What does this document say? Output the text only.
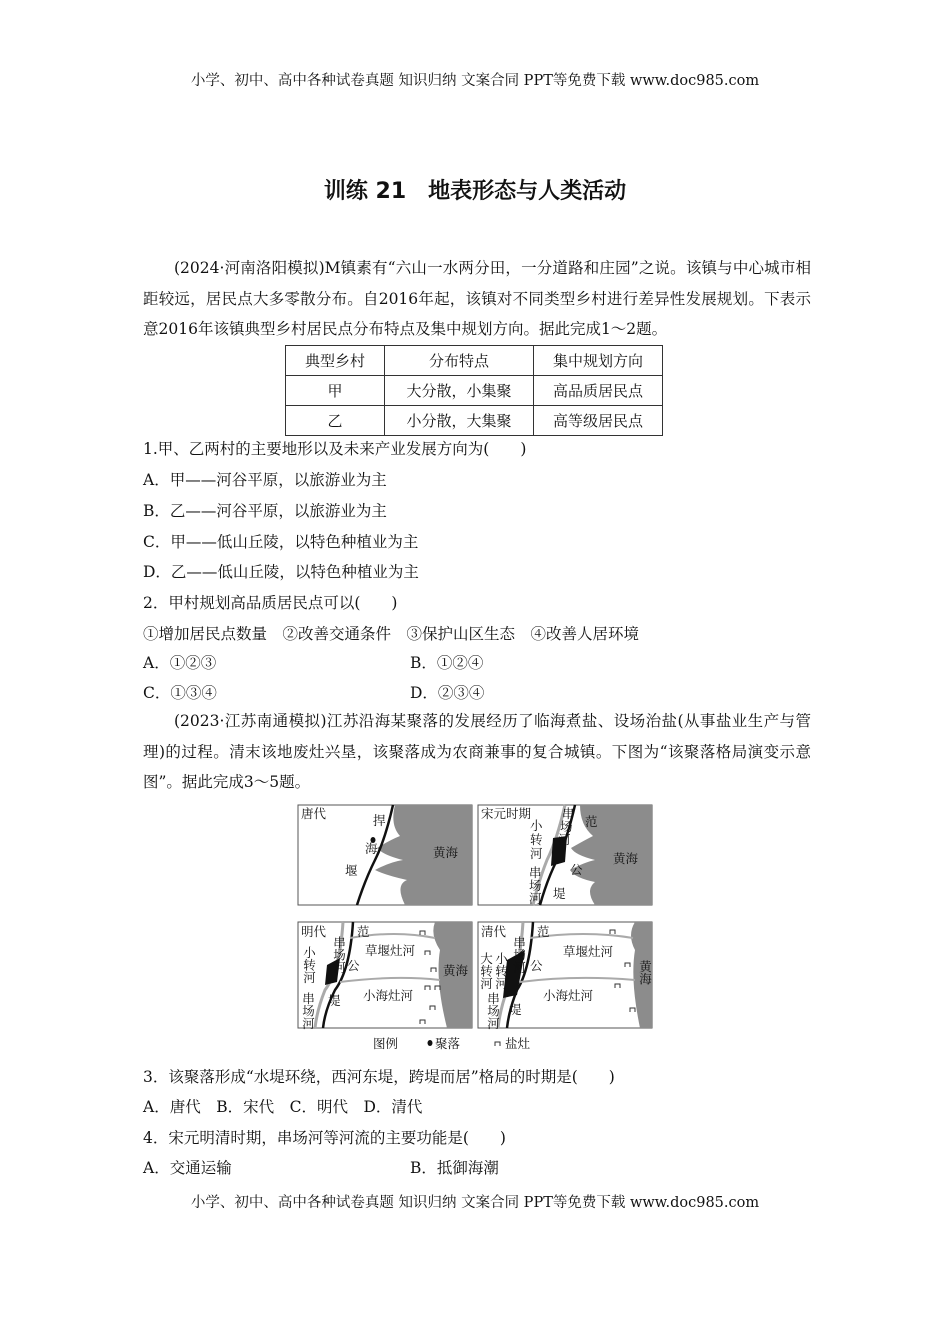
小学、初中、高中各种试卷真题 知识归纳 文案合同 PPT等免费下载 www.doc985.com
训练 21　地表形态与人类活动
(2024·河南洛阳模拟)M镇素有“六山一水两分田，一分道路和庄园”之说。该镇与中心城市相距较远，居民点大多零散分布。自2016年起，该镇对不同类型乡村进行差异性发展规划。下表示意2016年该镇典型乡村居民点分布特点及集中规划方向。据此完成1～2题。
典型乡村	分布特点	集中规划方向
甲	大分散，小集聚	高品质居民点
乙	小分散，大集聚	高等级居民点
1.甲、乙两村的主要地形以及未来产业发展方向为(　　)
A．甲——河谷平原，以旅游业为主
B．乙——河谷平原，以旅游业为主
C．甲——低山丘陵，以特色种植业为主
D．乙——低山丘陵，以特色种植业为主
2．甲村规划高品质居民点可以(　　)
①增加居民点数量　②改善交通条件　③保护山区生态　④改善人居环境
A．①②③	B．①②④
C．①③④	D．②③④
(2023·江苏南通模拟)江苏沿海某聚落的发展经历了临海煮盐、设场治盐(从事盐业生产与管理)的过程。清末该地废灶兴垦，该聚落成为农商兼事的复合城镇。下图为“该聚落格局演变示意图”。据此完成3～5题。
唐代	捍
海
堰
黄海
宋元时期 串
场
河
小
转
河
范
公
串
场
河 堤
黄海
明代
串场河
范
小转河 公
草堰灶河
黄海
小海灶河
串场河 堤
清代
串场河
范
大转河 小转河 公
草堰灶河
黄海
小海灶河
串场河 堤
图例	聚落	盐灶
3．该聚落形成“水堤环绕，西河东堤，跨堤而居”格局的时期是(　　)
A．唐代　B．宋代　C．明代　D．清代
4．宋元明清时期，串场河等河流的主要功能是(　　)
A．交通运输	B．抵御海潮
小学、初中、高中各种试卷真题 知识归纳 文案合同 PPT等免费下载 www.doc985.com
